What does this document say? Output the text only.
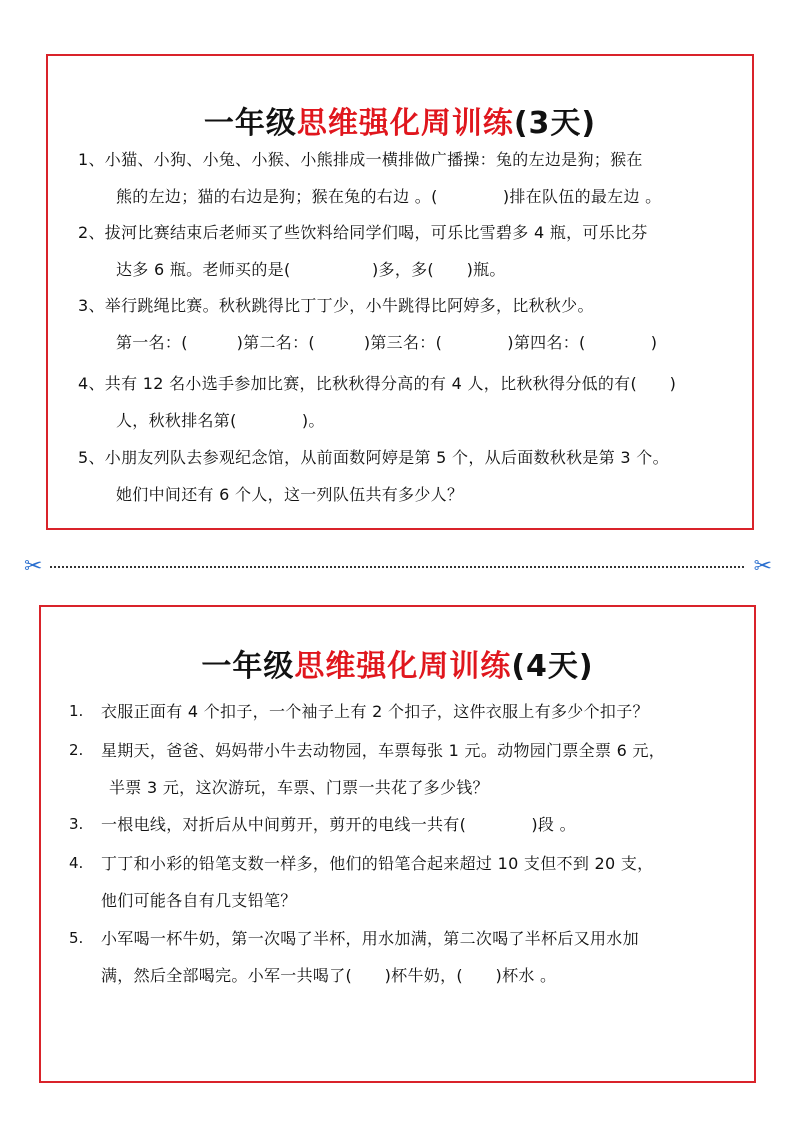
一年级思维强化周训练(3天)
1、小猫、小狗、小兔、小猴、小熊排成一横排做广播操：兔的左边是狗；猴在
熊的左边；猫的右边是狗；猴在兔的右边 。(　　　　)排在队伍的最左边 。
2、拔河比赛结束后老师买了些饮料给同学们喝，可乐比雪碧多 4 瓶，可乐比芬
达多 6 瓶。老师买的是(　　　　　)多，多(　　)瓶。
3、举行跳绳比赛。秋秋跳得比丁丁少，小牛跳得比阿婷多，比秋秋少。
第一名：(　　　)第二名：(　　　)第三名：(　　　　)第四名：(　　　　)
4、共有 12 名小选手参加比赛，比秋秋得分高的有 4 人，比秋秋得分低的有(　　)
人，秋秋排名第(　　　　)。
5、小朋友列队去参观纪念馆，从前面数阿婷是第 5 个，从后面数秋秋是第 3 个。
她们中间还有 6 个人，这一列队伍共有多少人？
✂	✂
一年级思维强化周训练(4天)
1. 衣服正面有 4 个扣子，一个袖子上有 2 个扣子，这件衣服上有多少个扣子？
2. 星期天，爸爸、妈妈带小牛去动物园，车票每张 1 元。动物园门票全票 6 元，
半票 3 元，这次游玩，车票、门票一共花了多少钱？
3. 一根电线，对折后从中间剪开，剪开的电线一共有(　　　　)段 。
4. 丁丁和小彩的铅笔支数一样多，他们的铅笔合起来超过 10 支但不到 20 支，
他们可能各自有几支铅笔？
5. 小军喝一杯牛奶，第一次喝了半杯，用水加满，第二次喝了半杯后又用水加
满，然后全部喝完。小军一共喝了(　　)杯牛奶，(　　)杯水 。
